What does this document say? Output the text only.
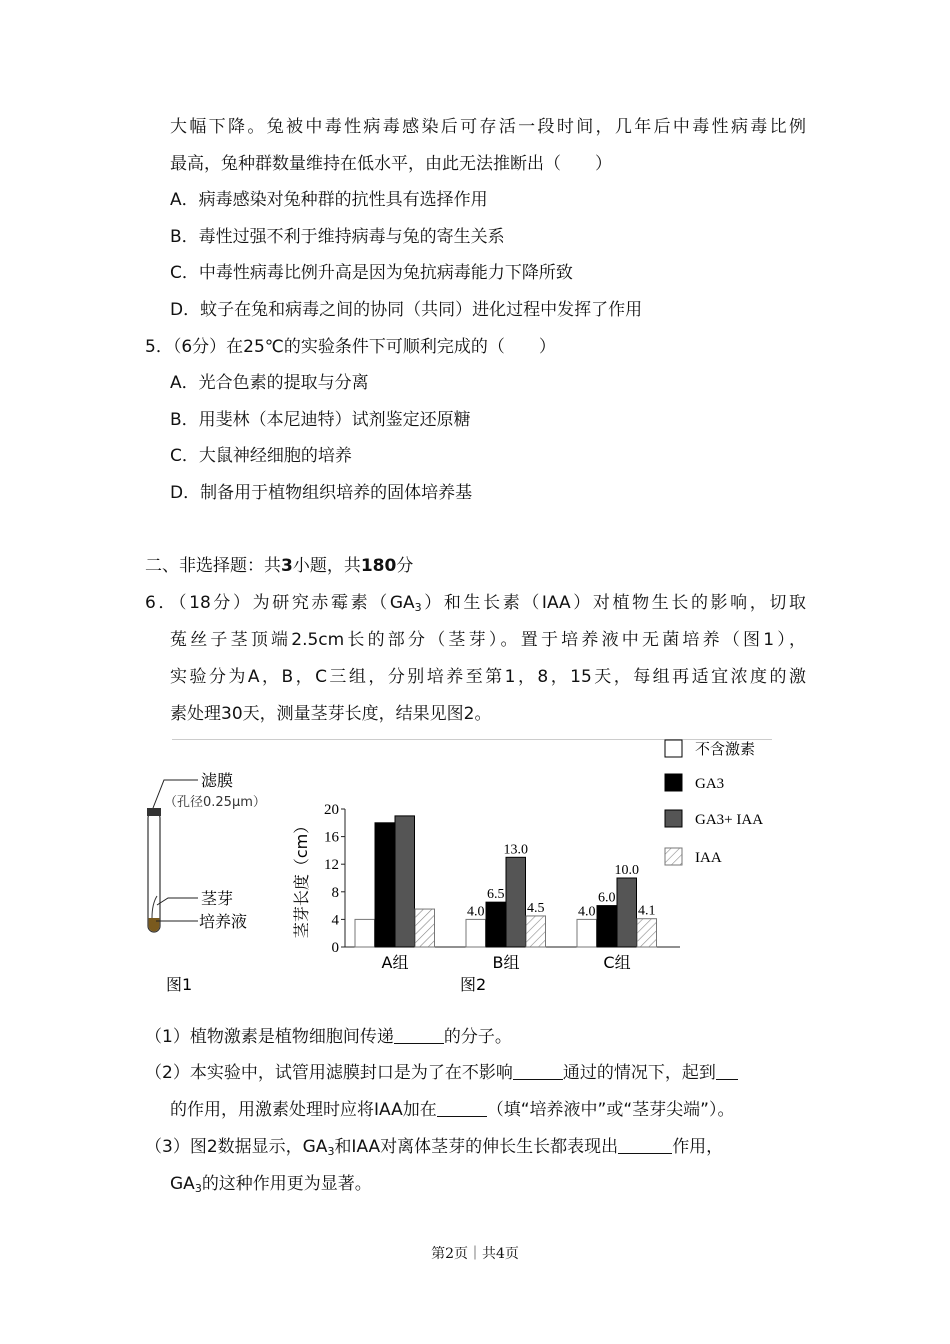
大幅下降。兔被中毒性病毒感染后可存活一段时间，几年后中毒性病毒比例
最高，兔种群数量维持在低水平，由此无法推断出（　　）
A．病毒感染对兔种群的抗性具有选择作用
B．毒性过强不利于维持病毒与兔的寄生关系
C．中毒性病毒比例升高是因为兔抗病毒能力下降所致
D．蚊子在兔和病毒之间的协同（共同）进化过程中发挥了作用
5．（6分）在25℃的实验条件下可顺利完成的（　　）
A．光合色素的提取与分离
B．用斐林（本尼迪特）试剂鉴定还原糖
C．大鼠神经细胞的培养
D．制备用于植物组织培养的固体培养基
二、非选择题：共3小题，共180分
6．（18分）为研究赤霉素$(GA_3)$和生长素（IAA）对植物生长的影响，切取
菟丝子茎顶端2.5cm长的部分（茎芽）。置于培养液中无菌培养（图1），
实验分为A，B，C三组，分别培养至第1，8，15天，每组再适宜浓度的激
素处理30天，测量茎芽长度，结果见图2。
滤膜
（孔径0.25μm）
茎芽
培养液
图1
0
4
8
12
16
20
茎芽长度（cm）
A组
4.0
6.5
13.0
4.5
B组
4.0
6.0
10.0
4.1
C组
图2
不含激素
GA3
GA3+ IAA
IAA
（1）植物激素是植物细胞间传递	的分子。
（2）本实验中，试管用滤膜封口是为了在不影响	通过的情况下，起到
的作用，用激素处理时应将IAA加在	（填“培养液中”或“茎芽尖端”）。
（3）图2数据显示，$GA_3$和IAA对离体茎芽的伸长生长都表现出	作用，
$GA_3$的这种作用更为显著。
第2页｜共4页
